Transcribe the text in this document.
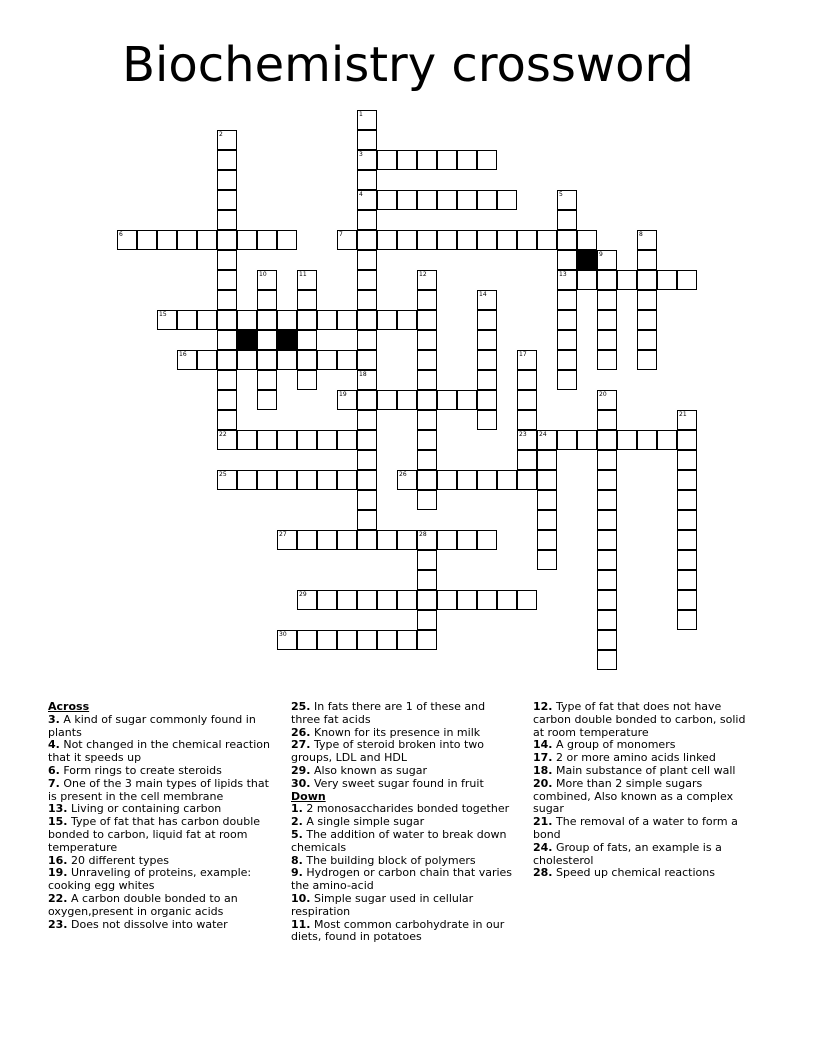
Biochemistry crossword
1
3
4
18
2
5
13
6	7	8
9
10	11	12
14
15
16	17
23
19	20
21
22	24
25	26
27	28
29
30
Across
3. A kind of sugar commonly found in plants
4. Not changed in the chemical reaction that it speeds up
6. Form rings to create steroids
7. One of the 3 main types of lipids that is present in the cell membrane
13. Living or containing carbon
15. Type of fat that has carbon double bonded to carbon, liquid fat at room temperature
16. 20 different types
19. Unraveling of proteins, example: cooking egg whites
22. A carbon double bonded to an oxygen,present in organic acids
23. Does not dissolve into water
25. In fats there are 1 of these and three fat acids
26. Known for its presence in milk
27. Type of steroid broken into two groups, LDL and HDL
29. Also known as sugar
30. Very sweet sugar found in fruit
Down
1. 2 monosaccharides bonded together
2. A single simple sugar
5. The addition of water to break down chemicals
8. The building block of polymers
9. Hydrogen or carbon chain that varies the amino-acid
10. Simple sugar used in cellular respiration
11. Most common carbohydrate in our diets, found in potatoes
12. Type of fat that does not have carbon double bonded to carbon, solid at room temperature
14. A group of monomers
17. 2 or more amino acids linked
18. Main substance of plant cell wall
20. More than 2 simple sugars combined, Also known as a complex sugar
21. The removal of a water to form a bond
24. Group of fats, an example is a cholesterol
28. Speed up chemical reactions
